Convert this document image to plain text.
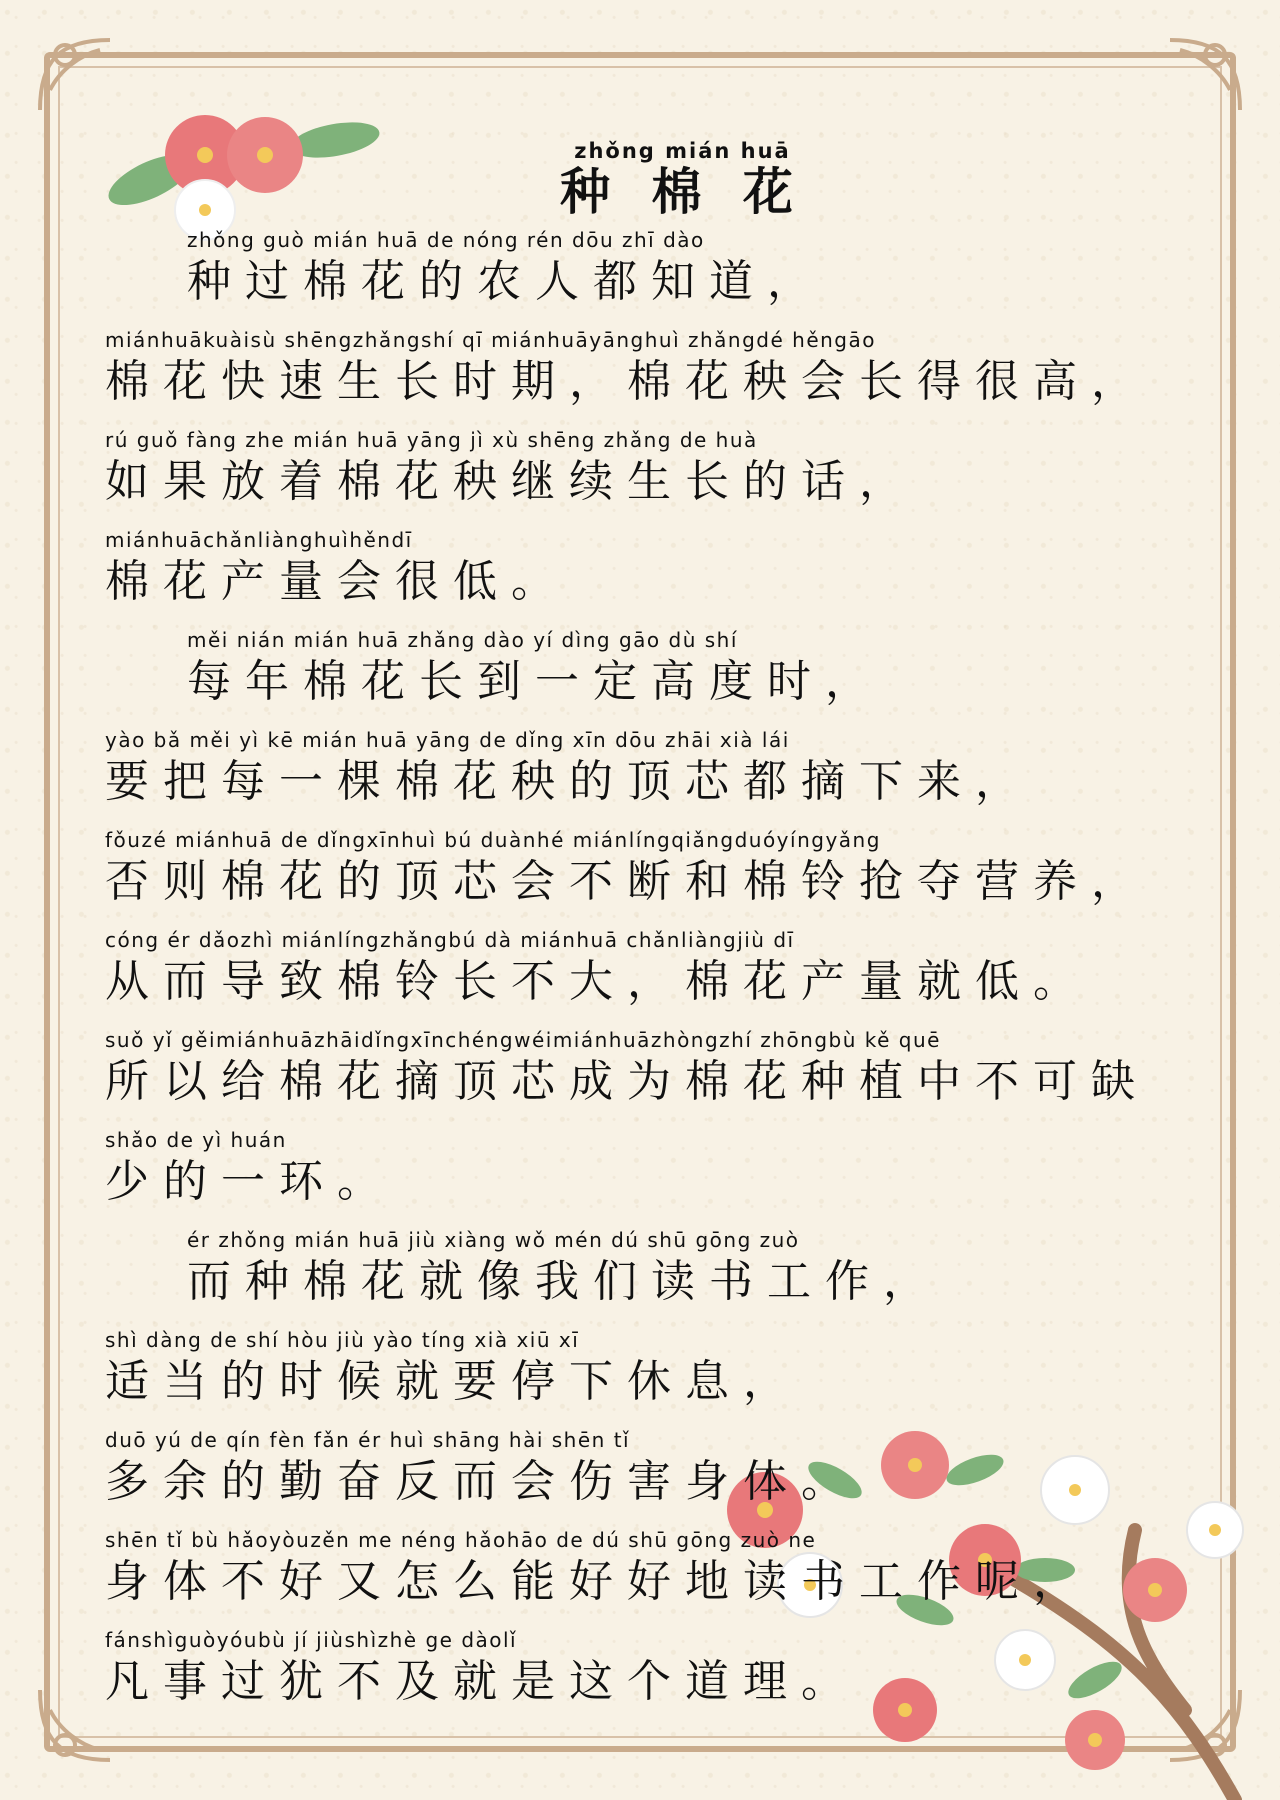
zhǒng mián huā
种 棉 花
zhǒng guò mián huā de nóng rén dōu zhī dào
种过棉花的农人都知道，
miánhuākuàisù shēngzhǎngshí qī miánhuāyānghuì zhǎngdé hěngāo
棉花快速生长时期，棉花秧会长得很高，
rú guǒ fàng zhe mián huā yāng jì xù shēng zhǎng de huà
如果放着棉花秧继续生长的话，
miánhuāchǎnliànghuìhěndī
棉花产量会很低。
měi nián mián huā zhǎng dào yí dìng gāo dù shí
每年棉花长到一定高度时，
yào bǎ měi yì kē mián huā yāng de dǐng xīn dōu zhāi xià lái
要把每一棵棉花秧的顶芯都摘下来，
fǒuzé miánhuā de dǐngxīnhuì bú duànhé miánlíngqiǎngduóyíngyǎng
否则棉花的顶芯会不断和棉铃抢夺营养，
cóng ér dǎozhì miánlíngzhǎngbú dà miánhuā chǎnliàngjiù dī
从而导致棉铃长不大，棉花产量就低。
suǒ yǐ gěimiánhuāzhāidǐngxīnchéngwéimiánhuāzhòngzhí zhōngbù kě quē
所以给棉花摘顶芯成为棉花种植中不可缺
shǎo de yì huán
少的一环。
ér zhǒng mián huā jiù xiàng wǒ mén dú shū gōng zuò
而种棉花就像我们读书工作，
shì dàng de shí hòu jiù yào tíng xià xiū xī
适当的时候就要停下休息，
duō yú de qín fèn fǎn ér huì shāng hài shēn tǐ
多余的勤奋反而会伤害身体。
shēn tǐ bù hǎoyòuzěn me néng hǎohāo de dú shū gōng zuò ne
身体不好又怎么能好好地读书工作呢，
fánshìguòyóubù jí jiùshìzhè ge dàolǐ
凡事过犹不及就是这个道理。
